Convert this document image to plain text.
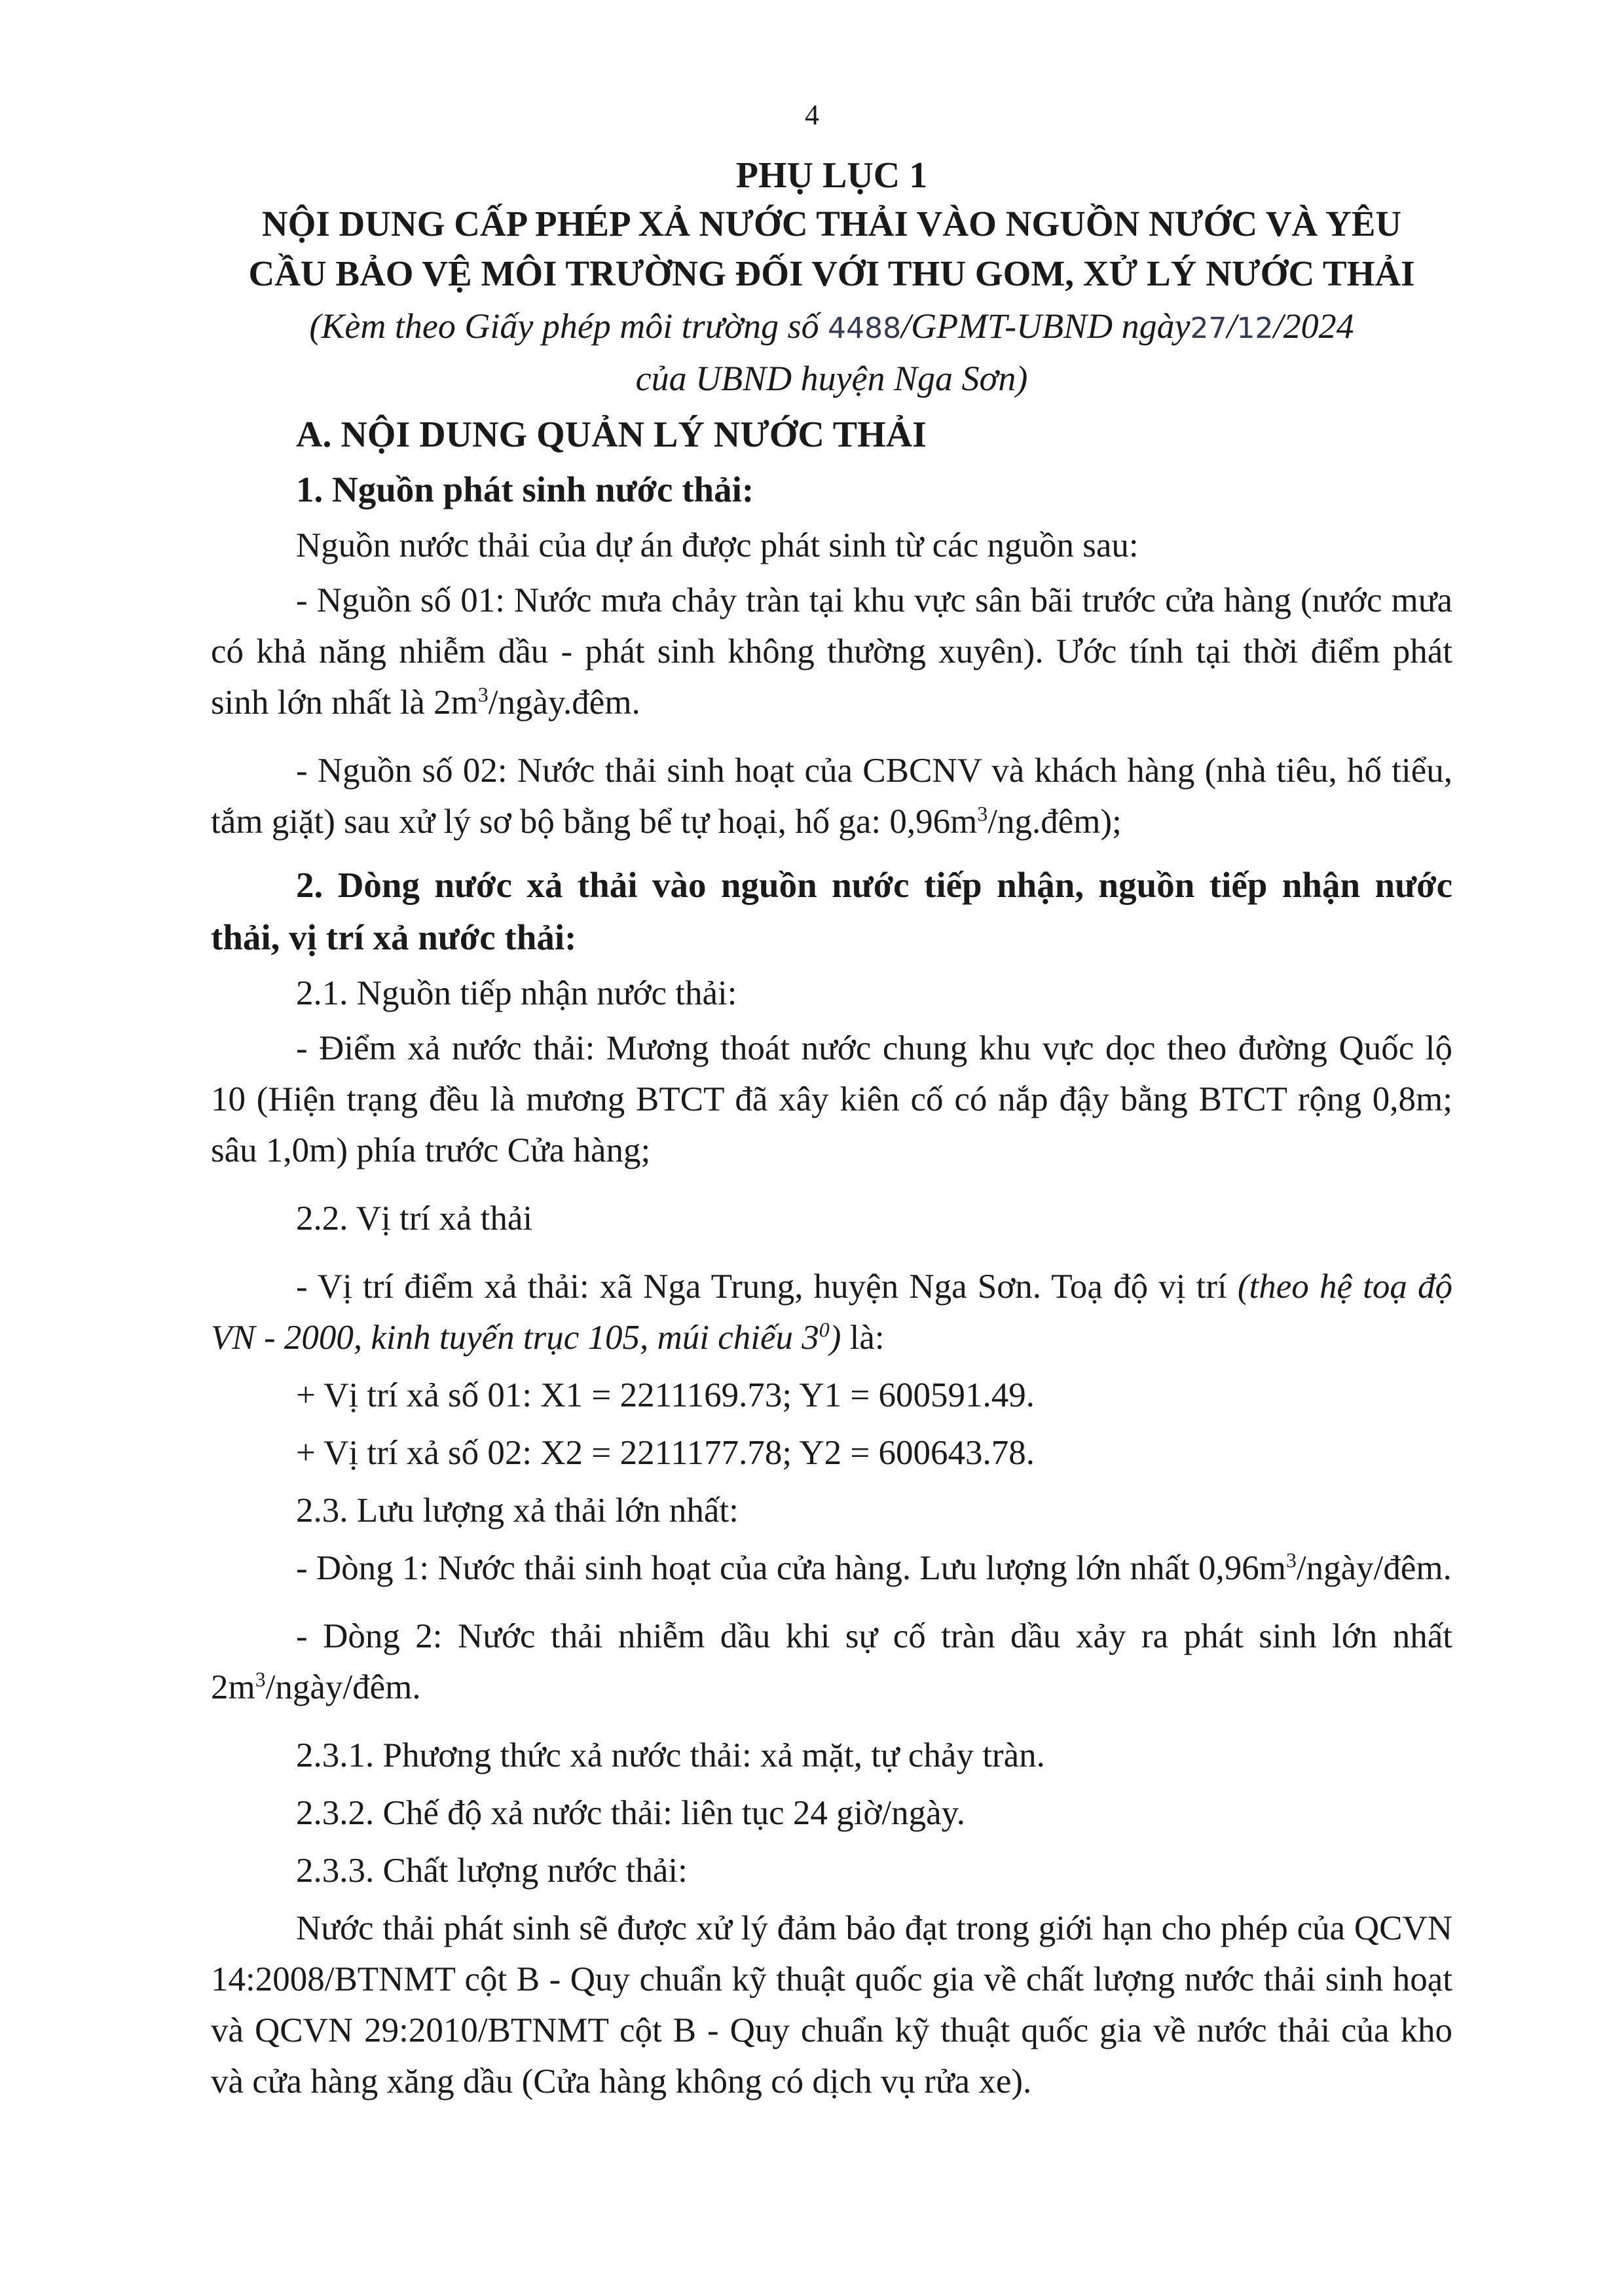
4

PHỤ LỤC 1

NỘI DUNG CẤP PHÉP XẢ NƯỚC THẢI VÀO NGUỒN NƯỚC VÀ YÊU

CẦU BẢO VỆ MÔI TRƯỜNG ĐỐI VỚI THU GOM, XỬ LÝ NƯỚC THẢI

(Kèm theo Giấy phép môi trường số 4488/GPMT-UBND ngày27/12/2024
của UBND huyện Nga Sơn)

A. NỘI DUNG QUẢN LÝ NƯỚC THẢI

1. Nguồn phát sinh nước thải:

Nguồn nước thải của dự án được phát sinh từ các nguồn sau:

- Nguồn số 01: Nước mưa chảy tràn tại khu vực sân bãi trước cửa hàng (nước mưa có khả năng nhiễm dầu - phát sinh không thường xuyên). Ước tính tại thời điểm phát sinh lớn nhất là $2m^3/ngày.đêm$.

- Nguồn số 02: Nước thải sinh hoạt của CBCNV và khách hàng (nhà tiêu, hố tiểu, tắm giặt) sau xử lý sơ bộ bằng bể tự hoại, hố ga: $0,96m^3/ng.đêm$);

2. Dòng nước xả thải vào nguồn nước tiếp nhận, nguồn tiếp nhận nước thải, vị trí xả nước thải:

2.1. Nguồn tiếp nhận nước thải:

- Điểm xả nước thải: Mương thoát nước chung khu vực dọc theo đường Quốc lộ 10 (Hiện trạng đều là mương BTCT đã xây kiên cố có nắp đậy bằng BTCT rộng 0,8m; sâu 1,0m) phía trước Cửa hàng;

2.2. Vị trí xả thải

- Vị trí điểm xả thải: xã Nga Trung, huyện Nga Sơn. Toạ độ vị trí (theo hệ toạ độ VN - 2000, kinh tuyến trục 105, múi chiếu $3^0$) là:

+ Vị trí xả số 01: X1 = 2211169.73; Y1 = 600591.49.

+ Vị trí xả số 02: X2 = 2211177.78; Y2 = 600643.78.

2.3. Lưu lượng xả thải lớn nhất:

- Dòng 1: Nước thải sinh hoạt của cửa hàng. Lưu lượng lớn nhất $0,96m^3/ngày$/đêm.

- Dòng 2: Nước thải nhiễm dầu khi sự cố tràn dầu xảy ra phát sinh lớn nhất $2m^3/ngày$/đêm.

2.3.1. Phương thức xả nước thải: xả mặt, tự chảy tràn.

2.3.2. Chế độ xả nước thải: liên tục 24 giờ/ngày.

2.3.3. Chất lượng nước thải:

Nước thải phát sinh sẽ được xử lý đảm bảo đạt trong giới hạn cho phép của QCVN 14:2008/BTNMT cột B - Quy chuẩn kỹ thuật quốc gia về chất lượng nước thải sinh hoạt và QCVN 29:2010/BTNMT cột B - Quy chuẩn kỹ thuật quốc gia về nước thải của kho và cửa hàng xăng dầu (Cửa hàng không có dịch vụ rửa xe).
